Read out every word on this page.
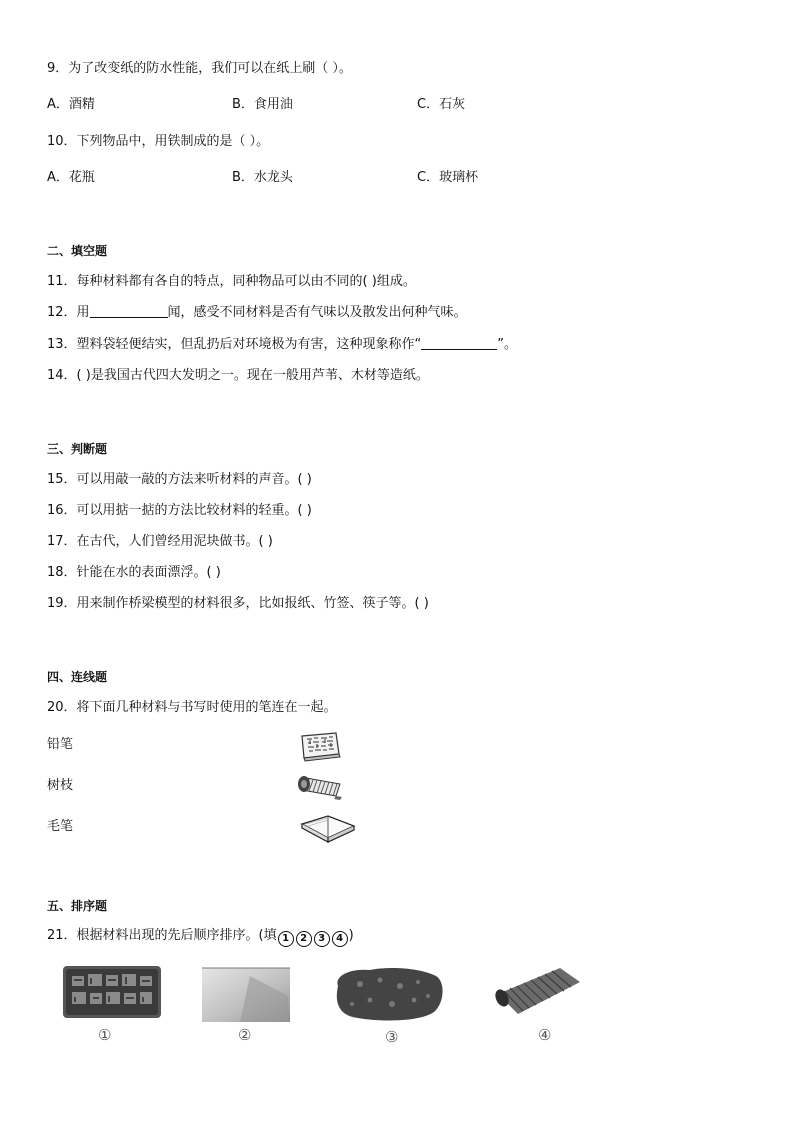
9．为了改变纸的防水性能，我们可以在纸上刷（ ）。
A．酒精	B．食用油	C．石灰
10．下列物品中，用铁制成的是（ ）。
A．花瓶	B．水龙头	C．玻璃杯
二、填空题
11．每种材料都有各自的特点，同种物品可以由不同的( )组成。
12．用	闻，感受不同材料是否有气味以及散发出何种气味。
13．塑料袋轻便结实，但乱扔后对环境极为有害，这种现象称作“	”。
14．( )是我国古代四大发明之一。现在一般用芦苇、木材等造纸。
三、判断题
15．可以用敲一敲的方法来听材料的声音。( )
16．可以用掂一掂的方法比较材料的轻重。( )
17．在古代，人们曾经用泥块做书。( )
18．针能在水的表面漂浮。( )
19．用来制作桥梁模型的材料很多，比如报纸、竹签、筷子等。( )
四、连线题
20．将下面几种材料与书写时使用的笔连在一起。
铅笔
树枝
毛笔
五、排序题
21．根据材料出现的先后顺序排序。(填 1 2 3 4 )
①	②	③	④
